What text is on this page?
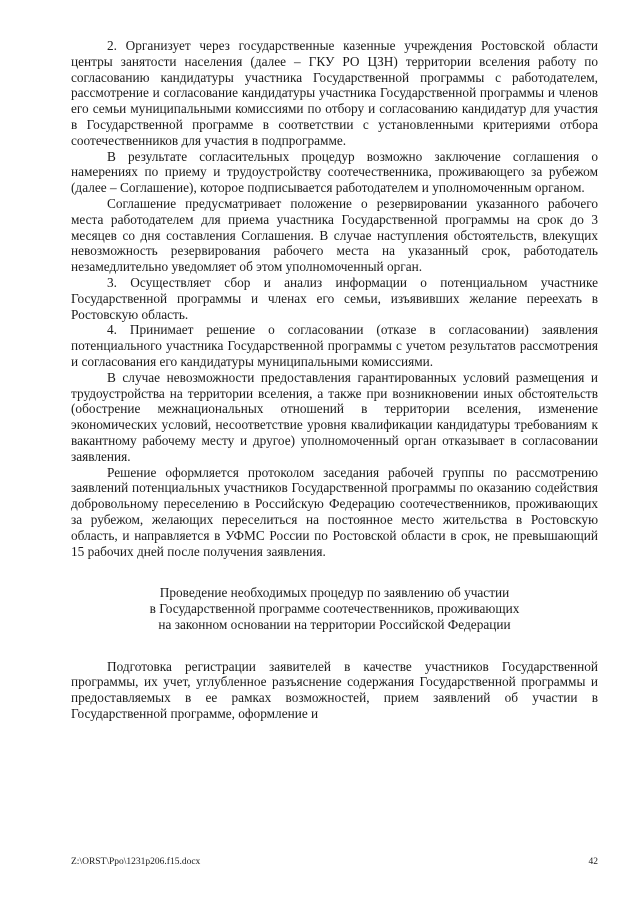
2. Организует через государственные казенные учреждения Ростовской области центры занятости населения (далее – ГКУ РО ЦЗН) территории вселения работу по согласованию кандидатуры участника Государственной программы с работодателем, рассмотрение и согласование кандидатуры участника Государственной программы и членов его семьи муниципальными комиссиями по отбору и согласованию кандидатур для участия в Государственной программе в соответствии с установленными критериями отбора соотечественников для участия в подпрограмме.

В результате согласительных процедур возможно заключение соглашения о намерениях по приему и трудоустройству соотечественника, проживающего за рубежом (далее – Соглашение), которое подписывается работодателем и уполномоченным органом.

Соглашение предусматривает положение о резервировании указанного рабочего места работодателем для приема участника Государственной программы на срок до 3 месяцев со дня составления Соглашения. В случае наступления обстоятельств, влекущих невозможность резервирования рабочего места на указанный срок, работодатель незамедлительно уведомляет об этом уполномоченный орган.

3. Осуществляет сбор и анализ информации о потенциальном участнике Государственной программы и членах его семьи, изъявивших желание переехать в Ростовскую область.

4. Принимает решение о согласовании (отказе в согласовании) заявления потенциального участника Государственной программы с учетом результатов рассмотрения и согласования его кандидатуры муниципальными комиссиями.

В случае невозможности предоставления гарантированных условий размещения и трудоустройства на территории вселения, а также при возникновении иных обстоятельств (обострение межнациональных отношений в территории вселения, изменение экономических условий, несоответствие уровня квалификации кандидатуры требованиям к вакантному рабочему месту и другое) уполномоченный орган отказывает в согласовании заявления.

Решение оформляется протоколом заседания рабочей группы по рассмотрению заявлений потенциальных участников Государственной программы по оказанию содействия добровольному переселению в Российскую Федерацию соотечественников, проживающих за рубежом, желающих переселиться на постоянное место жительства в Ростовскую область, и направляется в УФМС России по Ростовской области в срок, не превышающий 15 рабочих дней после получения заявления.

Проведение необходимых процедур по заявлению об участии
в Государственной программе соотечественников, проживающих
на законном основании на территории Российской Федерации

Подготовка регистрации заявителей в качестве участников Государственной программы, их учет, углубленное разъяснение содержания Государственной программы и предоставляемых в ее рамках возможностей, прием заявлений об участии в Государственной программе, оформление и

Z:\ORST\Ppo\1231p206.f15.docx	42
